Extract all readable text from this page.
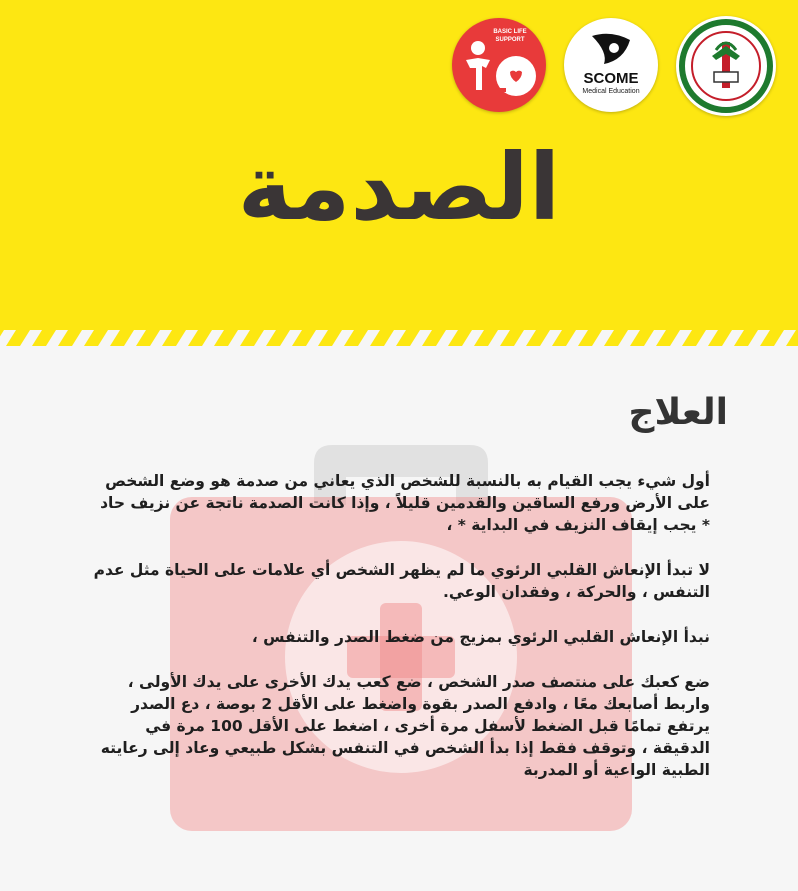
BASIC LIFE
SUPPORT
SCOME
Medical Education
الصدمة
العلاج

أول شيء يجب القيام به بالنسبة للشخص الذي يعاني من صدمة هو وضع الشخص على الأرض ورفع الساقين والقدمين قليلاً ، وإذا كانت الصدمة ناتجة عن نزيف حاد * يجب إيقاف النزيف في البداية * ،

لا تبدأ الإنعاش القلبي الرئوي ما لم يظهر الشخص أي علامات على الحياة مثل عدم التنفس ، والحركة ، وفقدان الوعي.

نبدأ الإنعاش القلبي الرئوي بمزيج من ضغط الصدر والتنفس ،

ضع كعبك على منتصف صدر الشخص ، ضع كعب يدك الأخرى على يدك الأولى ، واربط أصابعك معًا ، وادفع الصدر بقوة واضغط على الأقل 2 بوصة ، دع الصدر يرتفع تمامًا قبل الضغط لأسفل مرة أخرى ، اضغط على الأقل 100 مرة في الدقيقة ، وتوقف فقط إذا بدأ الشخص في التنفس بشكل طبيعي وعاد إلى رعايته الطبية الواعية أو المدربة
